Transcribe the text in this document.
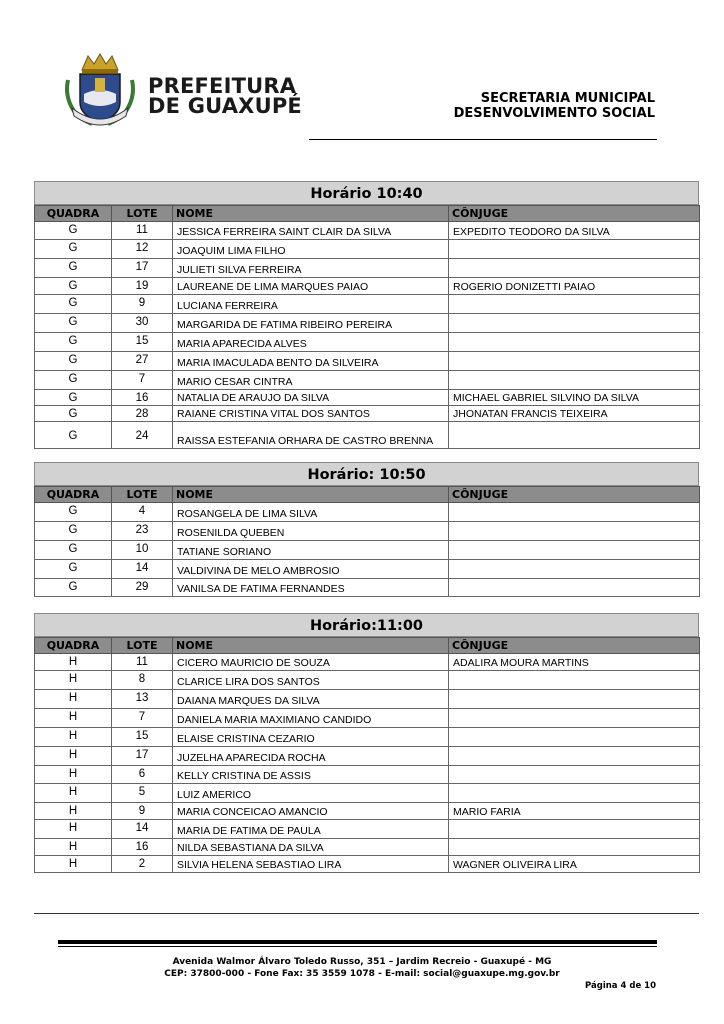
PREFEITURA
DE GUAXUPÉ	SECRETARIA MUNICIPAL
DESENVOLVIMENTO SOCIAL
Horário 10:40
QUADRA	LOTE	NOME	CÔNJUGE
G	11	JESSICA FERREIRA SAINT CLAIR DA SILVA	EXPEDITO TEODORO DA SILVA
G	12	JOAQUIM LIMA FILHO	
G	17	JULIETI SILVA FERREIRA	
G	19	LAUREANE DE LIMA MARQUES PAIAO	ROGERIO DONIZETTI PAIAO
G	9	LUCIANA FERREIRA	
G	30	MARGARIDA DE FATIMA RIBEIRO PEREIRA	
G	15	MARIA APARECIDA ALVES	
G	27	MARIA IMACULADA BENTO DA SILVEIRA	
G	7	MARIO CESAR CINTRA	
G	16	NATALIA DE ARAUJO DA SILVA	MICHAEL GABRIEL SILVINO DA SILVA
G	28	RAIANE CRISTINA VITAL DOS SANTOS	JHONATAN FRANCIS TEIXEIRA
G	24	RAISSA ESTEFANIA ORHARA DE CASTRO BRENNA	
Horário: 10:50
QUADRA	LOTE	NOME	CÔNJUGE
G	4	ROSANGELA DE LIMA SILVA	
G	23	ROSENILDA QUEBEN	
G	10	TATIANE SORIANO	
G	14	VALDIVINA DE MELO AMBROSIO	
G	29	VANILSA DE FATIMA FERNANDES	
Horário:11:00
QUADRA	LOTE	NOME	CÔNJUGE
H	11	CICERO MAURICIO DE SOUZA	ADALIRA MOURA MARTINS
H	8	CLARICE LIRA DOS SANTOS	
H	13	DAIANA MARQUES DA SILVA	
H	7	DANIELA MARIA MAXIMIANO CANDIDO	
H	15	ELAISE CRISTINA CEZARIO	
H	17	JUZELHA APARECIDA ROCHA	
H	6	KELLY CRISTINA DE ASSIS	
H	5	LUIZ AMERICO	
H	9	MARIA CONCEICAO AMANCIO	MARIO FARIA
H	14	MARIA DE FATIMA DE PAULA	
H	16	NILDA SEBASTIANA DA SILVA	
H	2	SILVIA HELENA SEBASTIAO LIRA	WAGNER OLIVEIRA LIRA
Avenida Walmor Álvaro Toledo Russo, 351 – Jardim Recreio - Guaxupé - MG
CEP: 37800-000 - Fone Fax: 35 3559 1078 - E-mail: social@guaxupe.mg.gov.br
Página 4 de 10
